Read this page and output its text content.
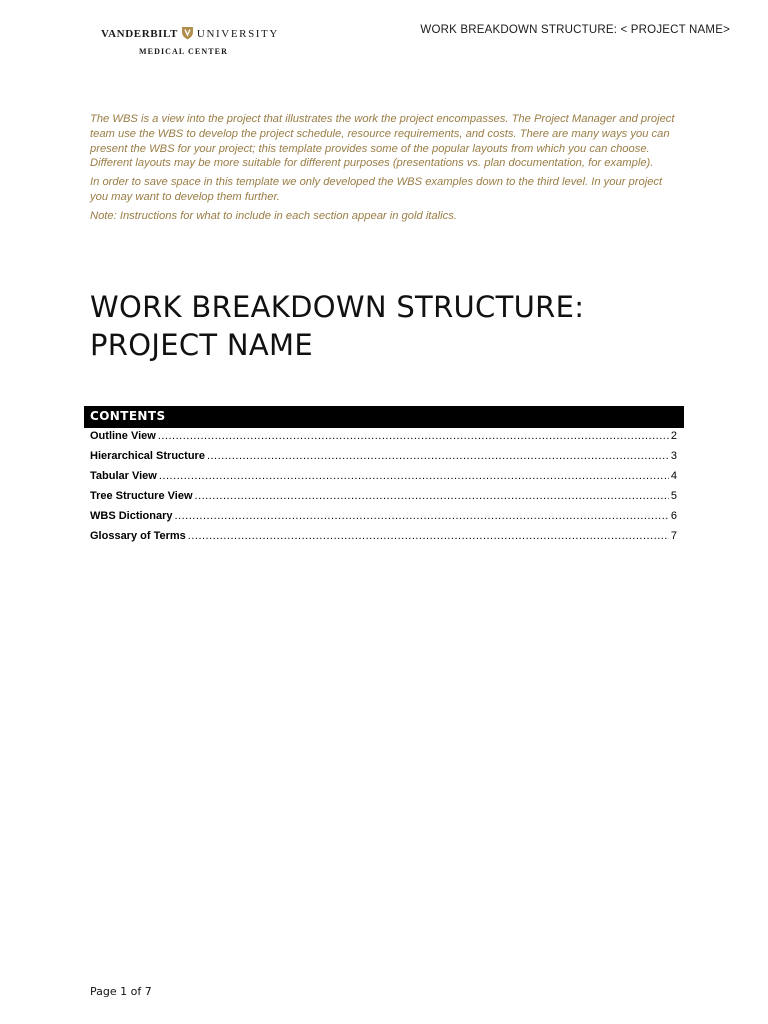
VANDERBILT UNIVERSITY
MEDICAL CENTER
WORK BREAKDOWN STRUCTURE: < PROJECT NAME>

The WBS is a view into the project that illustrates the work the project encompasses. The Project Manager and project team use the WBS to develop the project schedule, resource requirements, and costs. There are many ways you can present the WBS for your project; this template provides some of the popular layouts from which you can choose. Different layouts may be more suitable for different purposes (presentations vs. plan documentation, for example).

In order to save space in this template we only developed the WBS examples down to the third level. In your project you may want to develop them further.

Note: Instructions for what to include in each section appear in gold italics.

WORK BREAKDOWN STRUCTURE:
PROJECT NAME
CONTENTS
Outline View .....	2
Hierarchical Structure .....	3
Tabular View .....	4
Tree Structure View .....	5
WBS Dictionary .....	6
Glossary of Terms .....	7
Page 1 of 7
